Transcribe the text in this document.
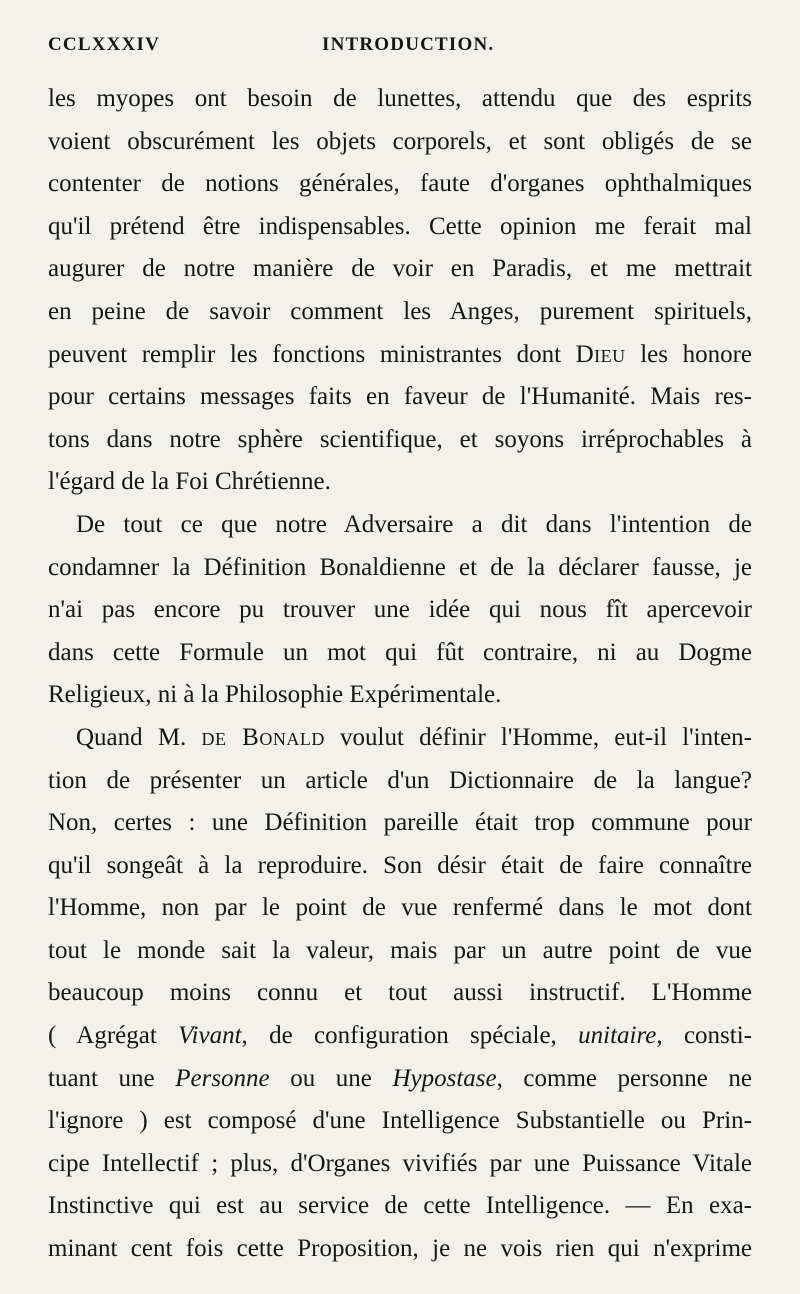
CCLXXXIV	INTRODUCTION.
les myopes ont besoin de lunettes, attendu que des esprits
voient obscurément les objets corporels, et sont obligés de se
contenter de notions générales, faute d'organes ophthalmiques
qu'il prétend être indispensables. Cette opinion me ferait mal
augurer de notre manière de voir en Paradis, et me mettrait
en peine de savoir comment les Anges, purement spirituels,
peuvent remplir les fonctions ministrantes dont Dieu les honore
pour certains messages faits en faveur de l'Humanité. Mais res-
tons dans notre sphère scientifique, et soyons irréprochables à
l'égard de la Foi Chrétienne.
De tout ce que notre Adversaire a dit dans l'intention de
condamner la Définition Bonaldienne et de la déclarer fausse, je
n'ai pas encore pu trouver une idée qui nous fît apercevoir
dans cette Formule un mot qui fût contraire, ni au Dogme
Religieux, ni à la Philosophie Expérimentale.
Quand M. de Bonald voulut définir l'Homme, eut-il l'inten-
tion de présenter un article d'un Dictionnaire de la langue?
Non, certes : une Définition pareille était trop commune pour
qu'il songeât à la reproduire. Son désir était de faire connaître
l'Homme, non par le point de vue renfermé dans le mot dont
tout le monde sait la valeur, mais par un autre point de vue
beaucoup moins connu et tout aussi instructif. L'Homme
( Agrégat Vivant, de configuration spéciale, unitaire, consti-
tuant une Personne ou une Hypostase, comme personne ne
l'ignore ) est composé d'une Intelligence Substantielle ou Prin-
cipe Intellectif ; plus, d'Organes vivifiés par une Puissance Vitale
Instinctive qui est au service de cette Intelligence. — En exa-
minant cent fois cette Proposition, je ne vois rien qui n'exprime
